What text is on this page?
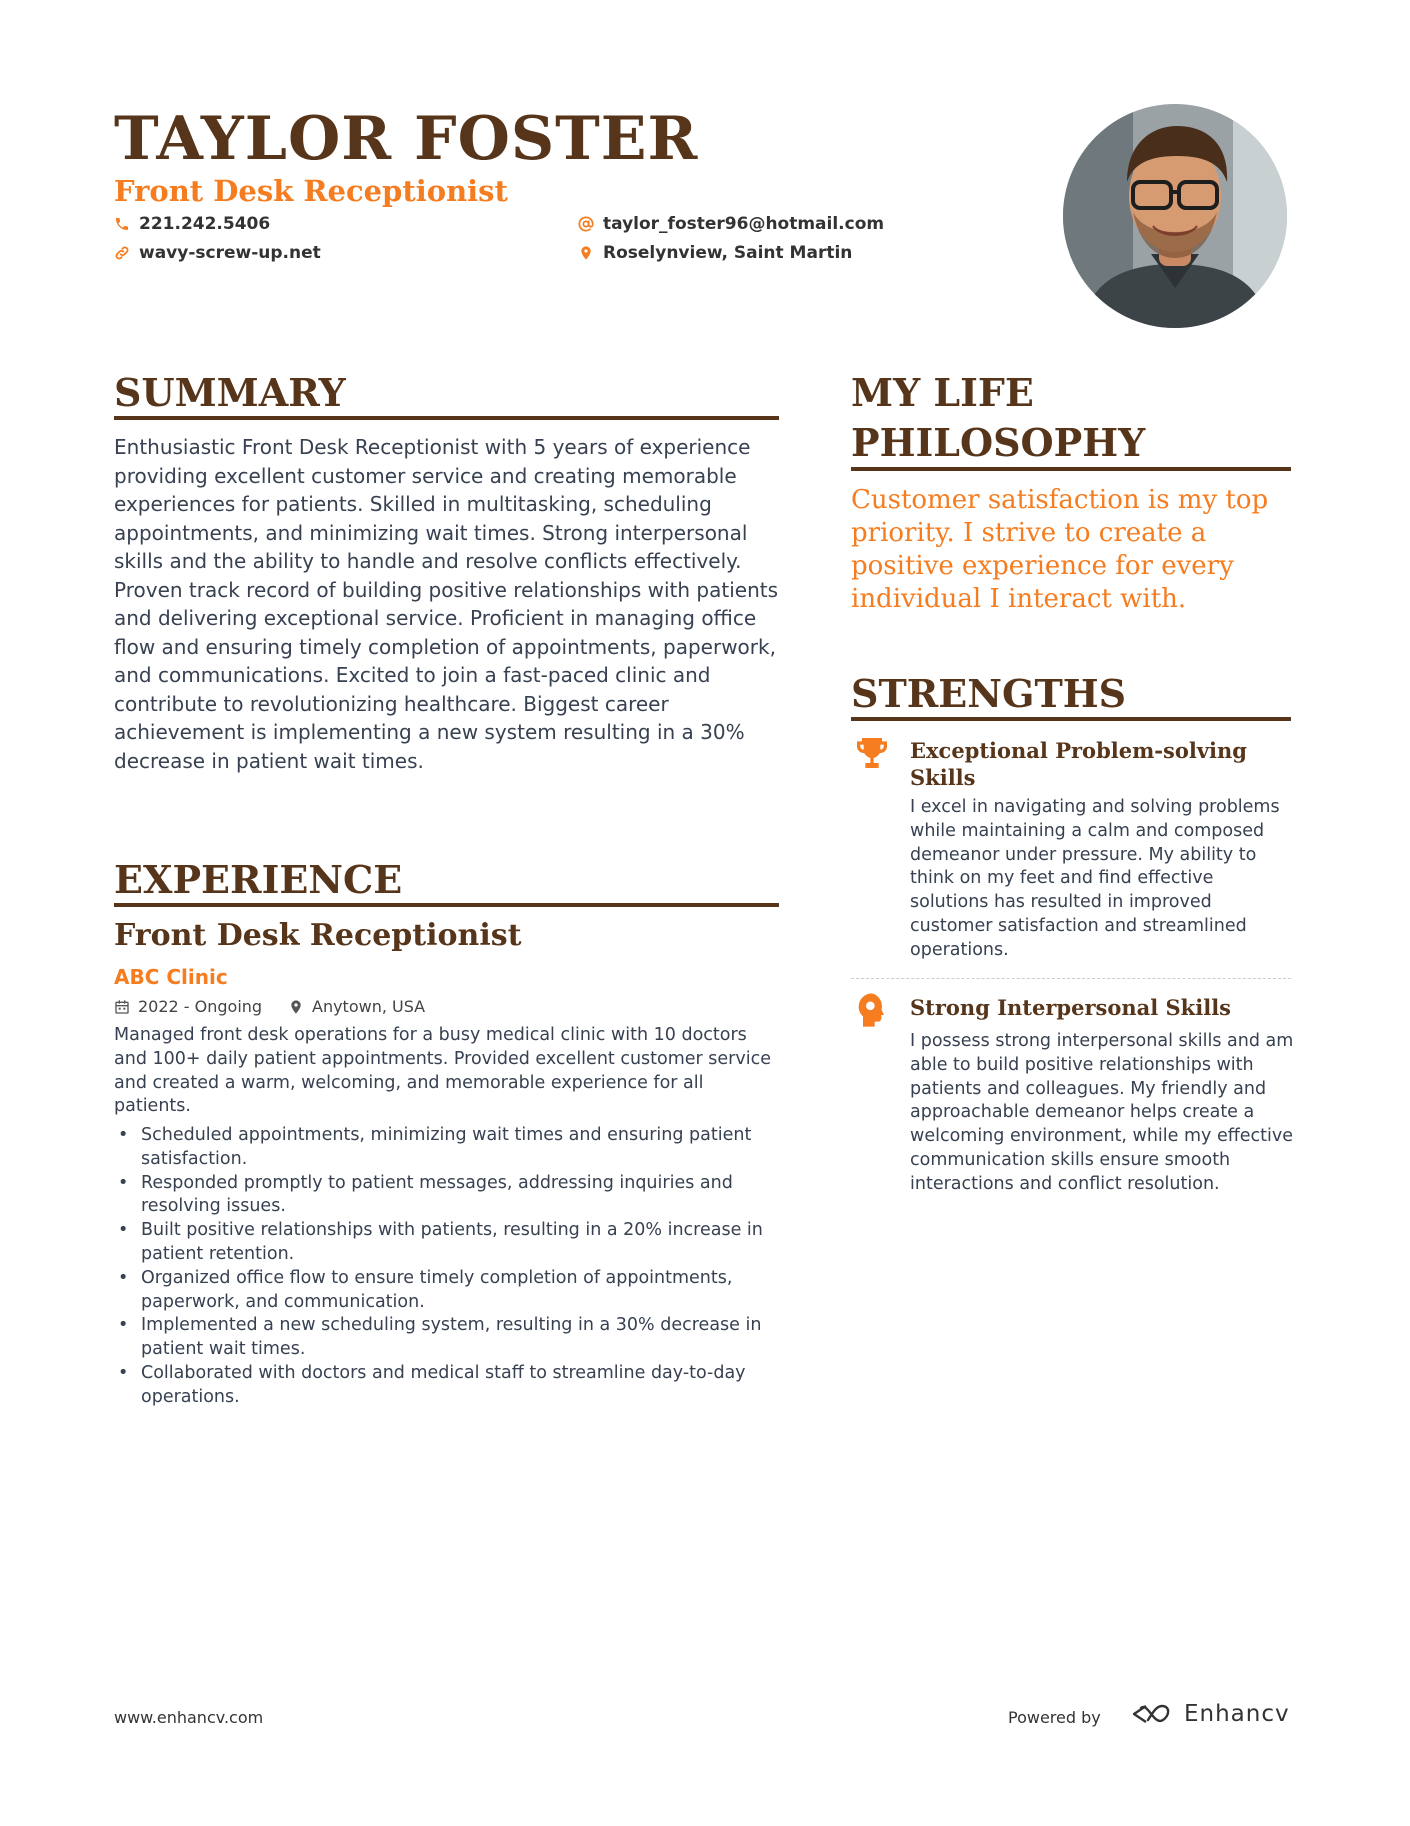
TAYLOR FOSTER
Front Desk Receptionist
221.242.5406
wavy-screw-up.net
taylor_foster96@hotmail.com
Roselynview, Saint Martin
SUMMARY

Enthusiastic Front Desk Receptionist with 5 years of experience providing excellent customer service and creating memorable experiences for patients. Skilled in multitasking, scheduling appointments, and minimizing wait times. Strong interpersonal skills and the ability to handle and resolve conflicts effectively. Proven track record of building positive relationships with patients and delivering exceptional service. Proficient in managing office flow and ensuring timely completion of appointments, paperwork, and communications. Excited to join a fast-paced clinic and contribute to revolutionizing healthcare. Biggest career achievement is implementing a new system resulting in a 30% decrease in patient wait times.

EXPERIENCE
Front Desk Receptionist
ABC Clinic
2022 - Ongoing	Anytown, USA

Managed front desk operations for a busy medical clinic with 10 doctors and 100+ daily patient appointments. Provided excellent customer service and created a warm, welcoming, and memorable experience for all patients.

• Scheduled appointments, minimizing wait times and ensuring patient satisfaction.
• Responded promptly to patient messages, addressing inquiries and resolving issues.
• Built positive relationships with patients, resulting in a 20% increase in patient retention.
• Organized office flow to ensure timely completion of appointments, paperwork, and communication.
• Implemented a new scheduling system, resulting in a 30% decrease in patient wait times.
• Collaborated with doctors and medical staff to streamline day-to-day operations.
MY LIFE
PHILOSOPHY

Customer satisfaction is my top priority. I strive to create a positive experience for every individual I interact with.

STRENGTHS
Exceptional Problem-solving Skills

I excel in navigating and solving problems while maintaining a calm and composed demeanor under pressure. My ability to think on my feet and find effective solutions has resulted in improved customer satisfaction and streamlined operations.

Strong Interpersonal Skills

I possess strong interpersonal skills and am able to build positive relationships with patients and colleagues. My friendly and approachable demeanor helps create a welcoming environment, while my effective communication skills ensure smooth interactions and conflict resolution.

www.enhancv.com	Powered by	Enhancv
